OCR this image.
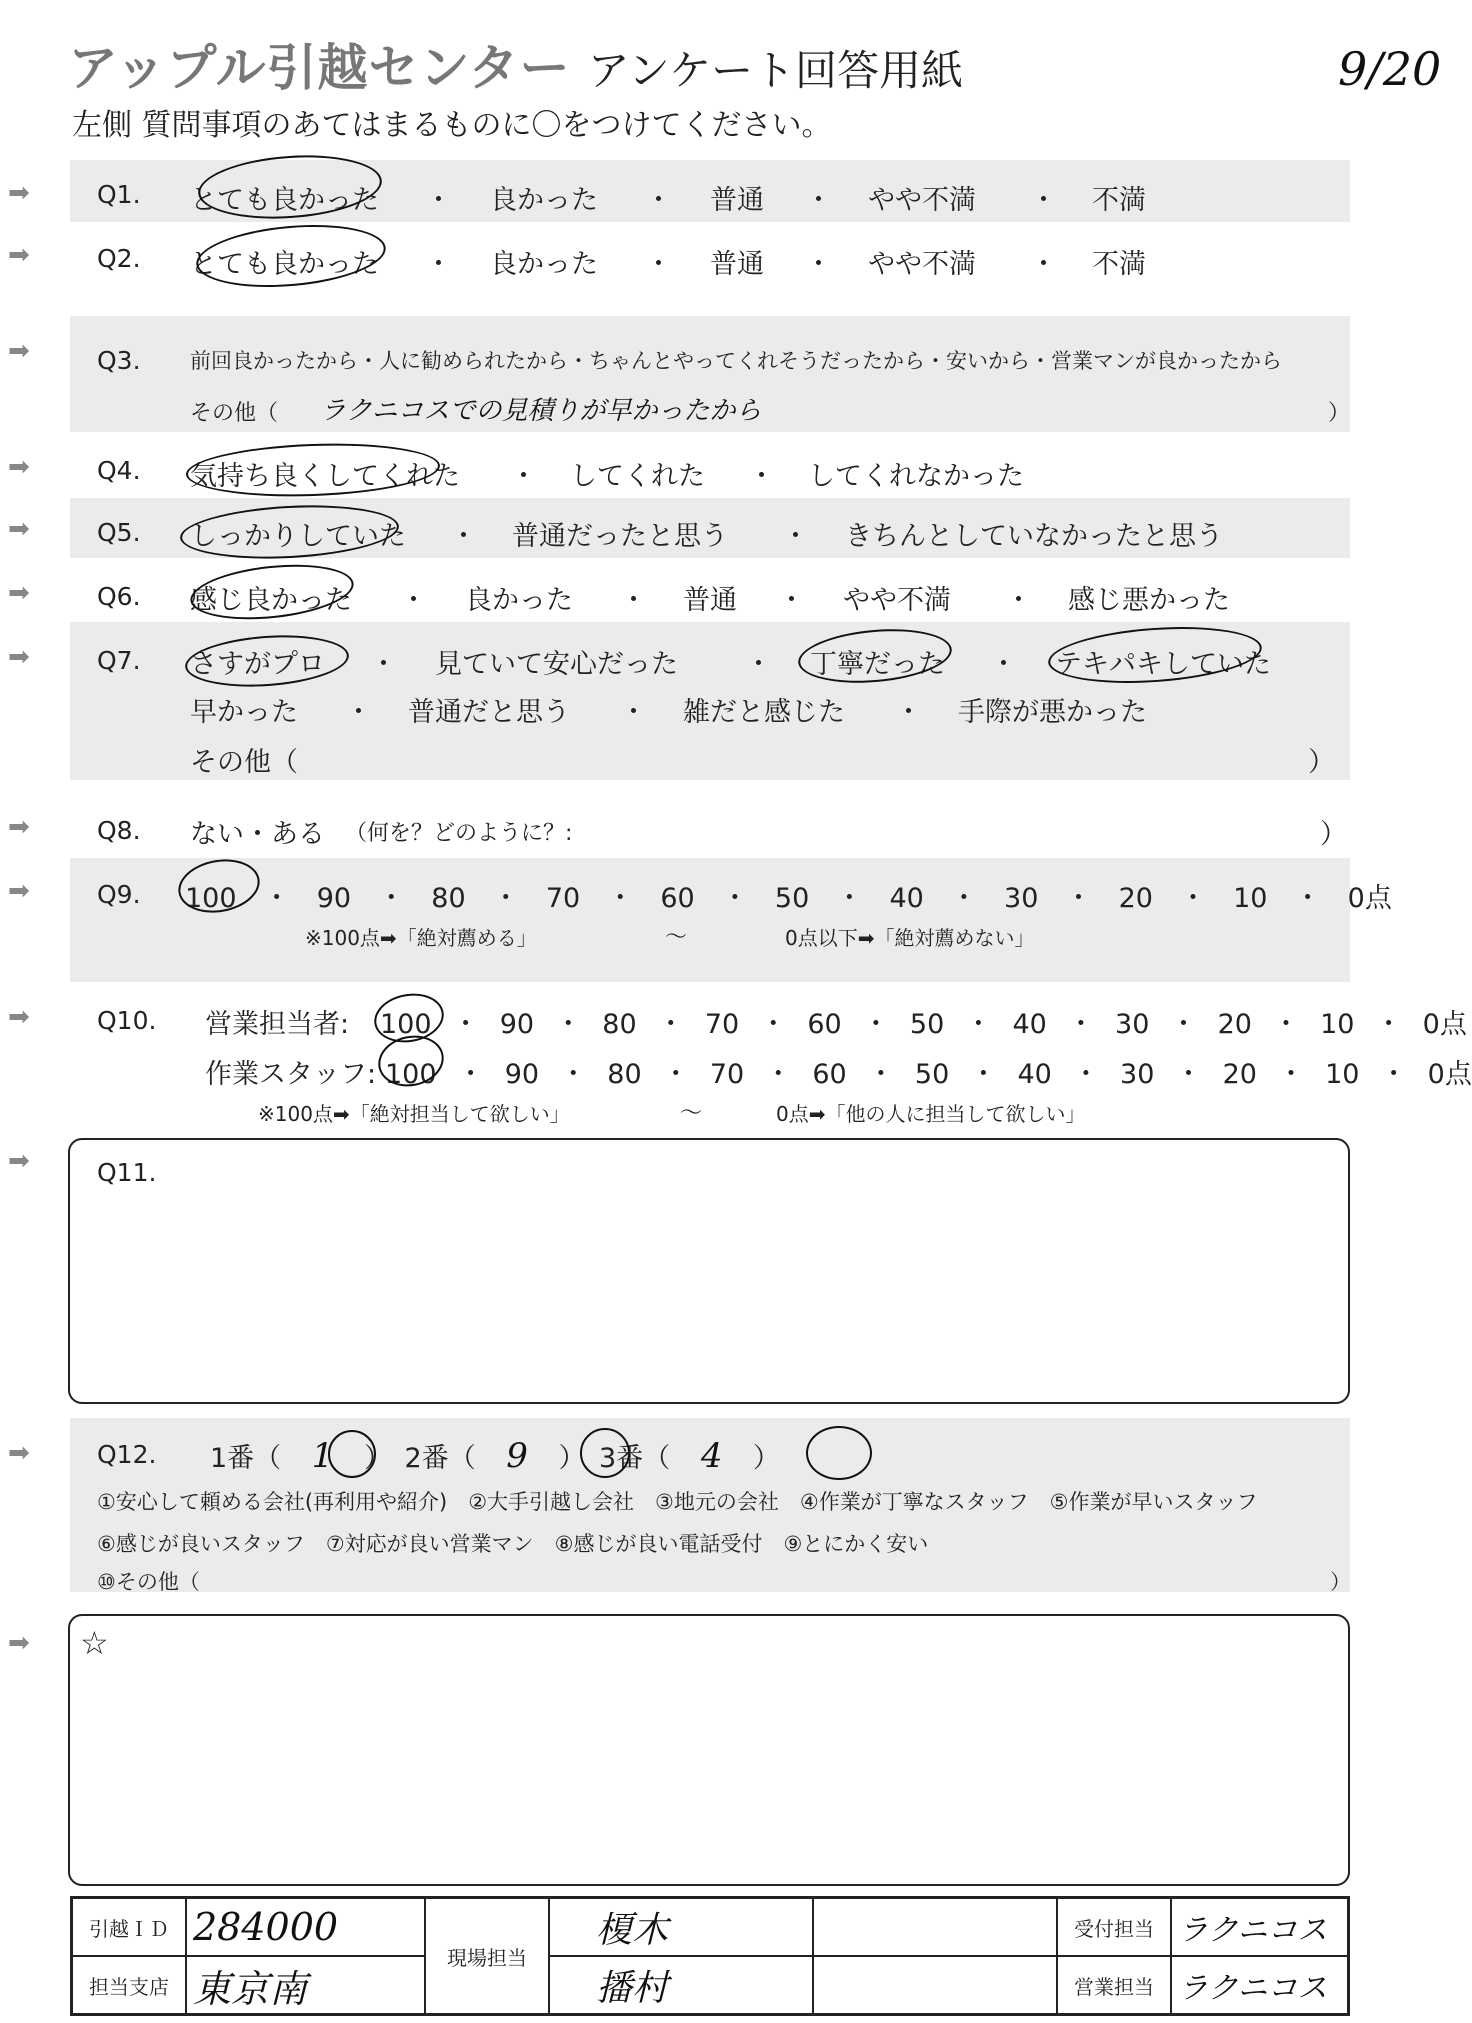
アップル引越センター アンケート回答用紙	9/20
左側 質問事項のあてはまるものに〇をつけてください。
➡	Q1. とても良かった ・ 良かった ・ 普通 ・ やや不満 ・ 不満
➡	Q2. とても良かった ・ 良かった ・ 普通 ・ やや不満 ・ 不満
➡	Q3. 前回良かったから・人に勧められたから・ちゃんとやってくれそうだったから・安いから・営業マンが良かったから
その他（ ラクニコスでの見積りが早かったから	）
➡	Q4. 気持ち良くしてくれた ・ してくれた ・ してくれなかった
➡	Q5. しっかりしていた ・ 普通だったと思う ・ きちんとしていなかったと思う
➡	Q6. 感じ良かった ・ 良かった ・ 普通 ・ やや不満 ・ 感じ悪かった
➡	Q7. さすがプロ ・ 見ていて安心だった ・ 丁寧だった ・ テキパキしていた
早かった ・ 普通だと思う ・ 雑だと感じた ・ 手際が悪かった
その他（	）
➡	Q8. ない・ある （何を？どのように？:	）
➡	Q9. 100 ・ 90 ・ 80 ・ 70 ・ 60 ・ 50 ・ 40 ・ 30 ・ 20 ・ 10 ・ 0点
※100点➡「絶対薦める」	〜	0点以下➡「絶対薦めない」
➡	Q10. 営業担当者: 100 ・ 90 ・ 80 ・ 70 ・ 60 ・ 50 ・ 40 ・ 30 ・ 20 ・ 10 ・ 0点
作業スタッフ: 100 ・ 90 ・ 80 ・ 70 ・ 60 ・ 50 ・ 40 ・ 30 ・ 20 ・ 10 ・ 0点
※100点➡「絶対担当して欲しい」	〜	0点➡「他の人に担当して欲しい」
➡	Q11.
➡	Q12. 1番（ 1 ）　2番（ 9 ）　3番（ 4 ）
①安心して頼める会社(再利用や紹介)　②大手引越し会社　③地元の会社　④作業が丁寧なスタッフ　⑤作業が早いスタッフ
⑥感じが良いスタッフ　⑦対応が良い営業マン　⑧感じが良い電話受付　⑨とにかく安い
⑩その他（	）
➡ ☆
引越ＩＤ	284000	現場担当	榎木		受付担当	ラクニコス
担当支店	東京南		播村		営業担当	ラクニコス
